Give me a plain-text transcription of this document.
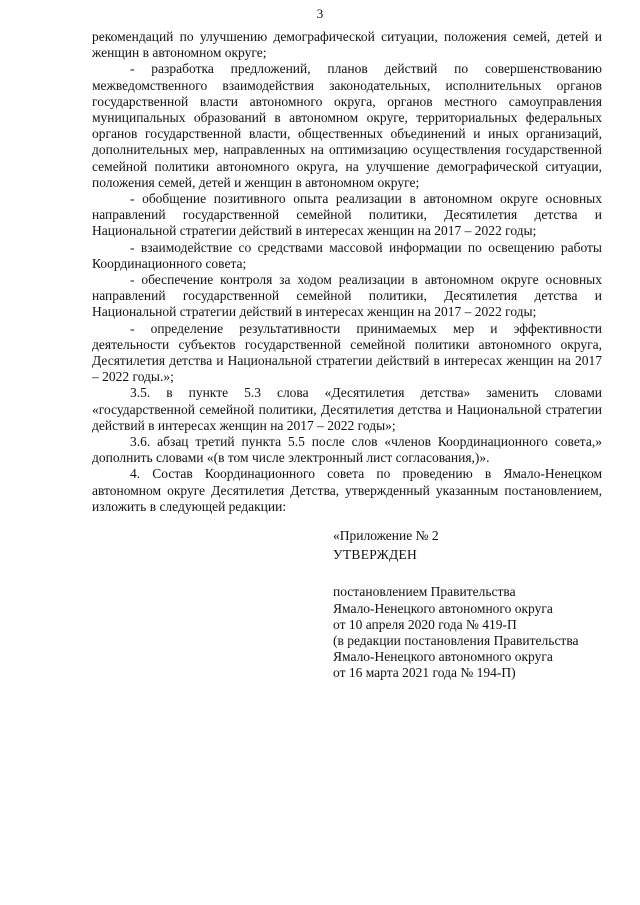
3

рекомендаций по улучшению демографической ситуации, положения семей, детей и женщин в автономном округе;

- разработка предложений, планов действий по совершенствованию межведомственного взаимодействия законодательных, исполнительных органов государственной власти автономного округа, органов местного самоуправления муниципальных образований в автономном округе, территориальных федеральных органов государственной власти, общественных объединений и иных организаций, дополнительных мер, направленных на оптимизацию осуществления государственной семейной политики автономного округа, на улучшение демографической ситуации, положения семей, детей и женщин в автономном округе;

- обобщение позитивного опыта реализации в автономном округе основных направлений государственной семейной политики, Десятилетия детства и Национальной стратегии действий в интересах женщин на 2017 – 2022 годы;

- взаимодействие со средствами массовой информации по освещению работы Координационного совета;

- обеспечение контроля за ходом реализации в автономном округе основных направлений государственной семейной политики, Десятилетия детства и Национальной стратегии действий в интересах женщин на 2017 – 2022 годы;

- определение результативности принимаемых мер и эффективности деятельности субъектов государственной семейной политики автономного округа, Десятилетия детства и Национальной стратегии действий в интересах женщин на 2017 – 2022 годы.»;

3.5. в пункте 5.3 слова «Десятилетия детства» заменить словами «государственной семейной политики, Десятилетия детства и Национальной стратегии действий в интересах женщин на 2017 – 2022 годы»;

3.6. абзац третий пункта 5.5 после слов «членов Координационного совета,» дополнить словами «(в том числе электронный лист согласования,)».

4. Состав Координационного совета по проведению в Ямало-Ненецком автономном округе Десятилетия Детства, утвержденный указанным постановлением, изложить в следующей редакции:

«Приложение № 2
УТВЕРЖДЕН
постановлением Правительства
Ямало-Ненецкого автономного округа
от 10 апреля 2020 года № 419-П
(в редакции постановления Правительства
Ямало-Ненецкого автономного округа
от 16 марта 2021 года № 194-П)
